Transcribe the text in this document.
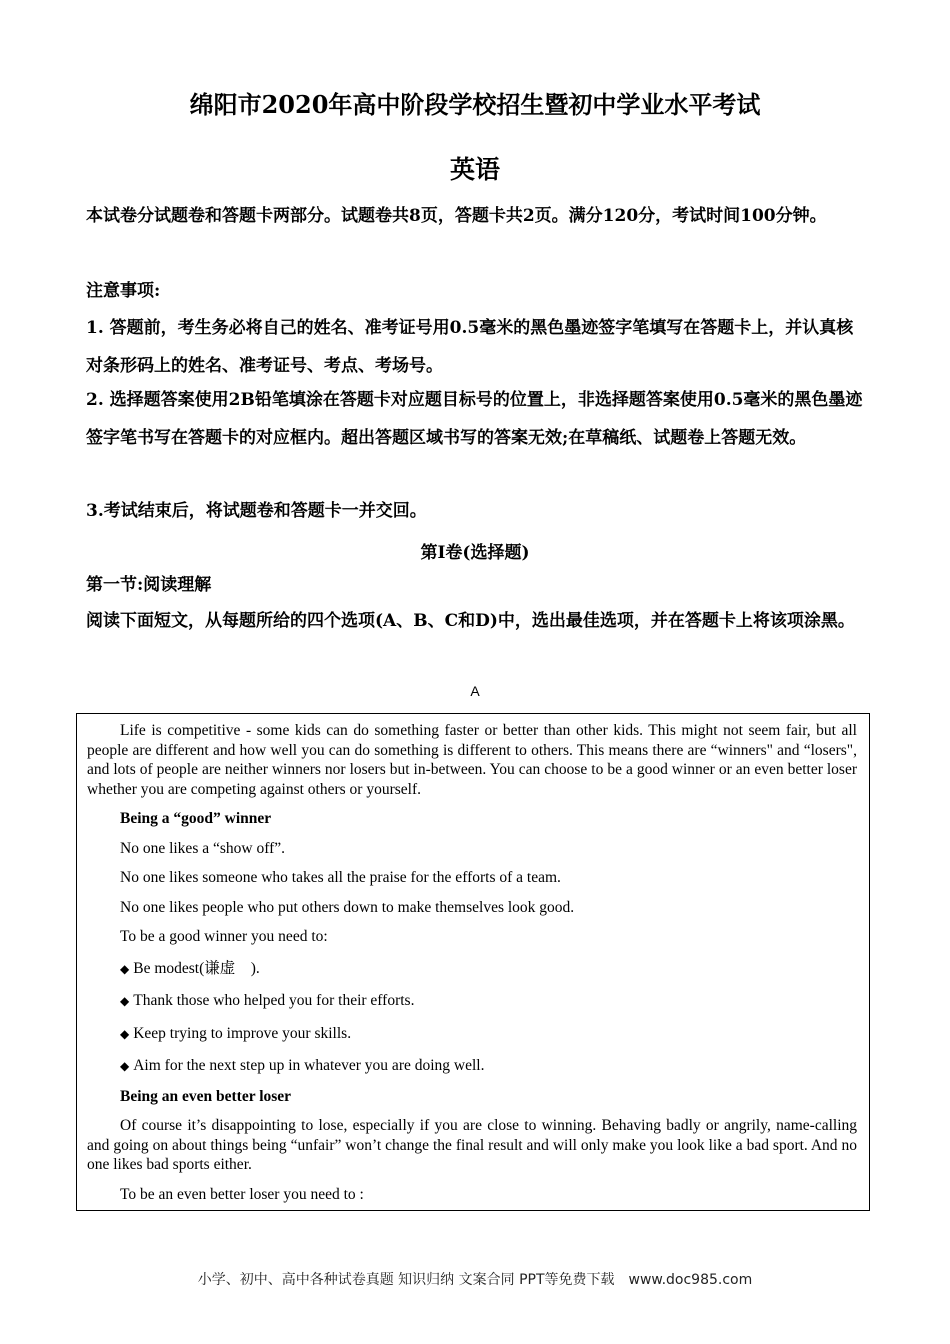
绵阳市2020年高中阶段学校招生暨初中学业水平考试
英语
本试卷分试题卷和答题卡两部分。试题卷共8页，答题卡共2页。满分120分，考试时间100分钟。
注意事项:
1. 答题前，考生务必将自己的姓名、准考证号用0.5毫米的黑色墨迹签字笔填写在答题卡上，并认真核对条形码上的姓名、准考证号、考点、考场号。
2. 选择题答案使用2B铅笔填涂在答题卡对应题目标号的位置上，非选择题答案使用0.5毫米的黑色墨迹签字笔书写在答题卡的对应框内。超出答题区域书写的答案无效;在草稿纸、试题卷上答题无效。
3.考试结束后，将试题卷和答题卡一并交回。
第I卷(选择题)
第一节:阅读理解
阅读下面短文，从每题所给的四个选项(A、B、C和D)中，选出最佳选项，并在答题卡上将该项涂黑。
A

Life is competitive - some kids can do something faster or better than other kids. This might not seem fair, but all people are different and how well you can do something is different to others. This means there are “winners" and “losers", and lots of people are neither winners nor losers but in-between. You can choose to be a good winner or an even better loser whether you are competing against others or yourself.

Being a “good” winner

No one likes a “show off”.

No one likes someone who takes all the praise for the efforts of a team.

No one likes people who put others down to make themselves look good.

To be a good winner you need to:

◆ Be modest(谦虚　).

◆ Thank those who helped you for their efforts.

◆ Keep trying to improve your skills.

◆ Aim for the next step up in whatever you are doing well.

Being an even better loser

Of course it’s disappointing to lose, especially if you are close to winning. Behaving badly or angrily, name-calling and going on about things being “unfair” won’t change the final result and will only make you look like a bad sport. And no one likes bad sports either.

To be an even better loser you need to :

小学、初中、高中各种试卷真题 知识归纳 文案合同 PPT等免费下载　www.doc985.com
